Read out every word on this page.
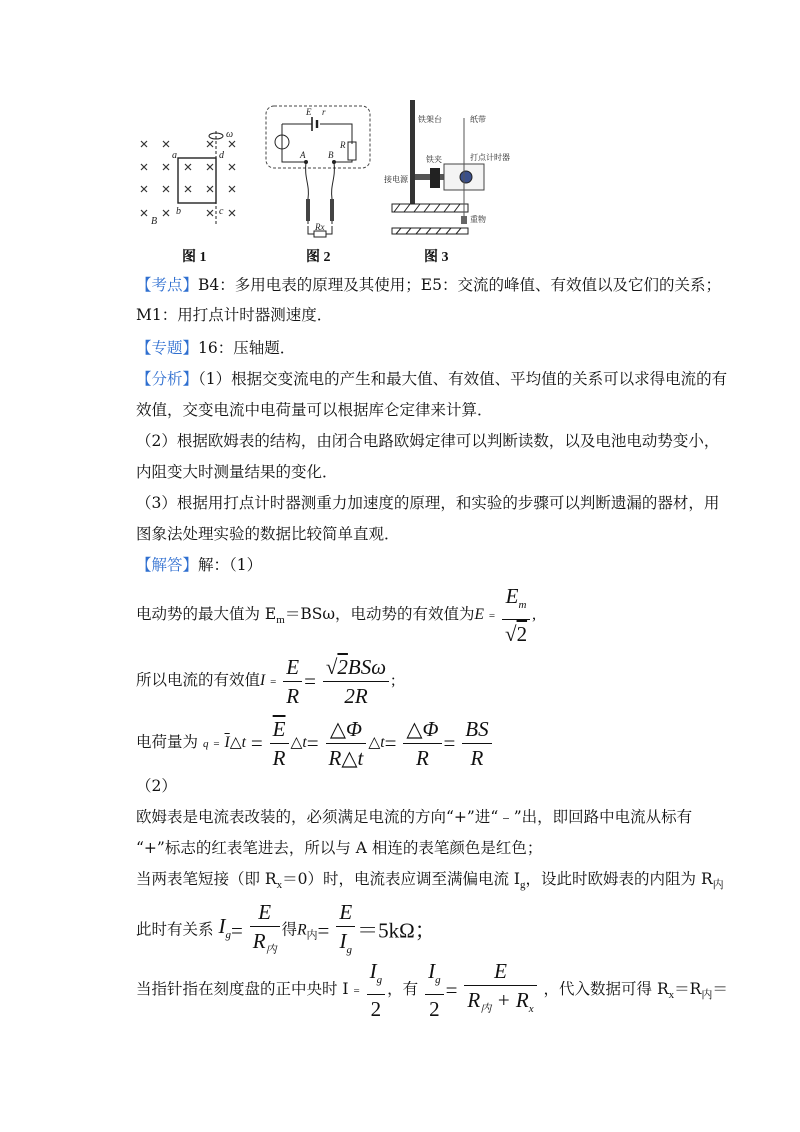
ω
a	d
b	c
B
图 1
E r
R
A	B
Rx
图 2
铁架台	纸带
铁夹	打点计时器
接电源
重物
图 3
【考点】B4：多用电表的原理及其使用；E5：交流的峰值、有效值以及它们的关系；
M1：用打点计时器测速度．
【专题】16：压轴题．
【分析】（1）根据交变流电的产生和最大值、有效值、平均值的关系可以求得电流的有
效值，交变电流中电荷量可以根据库仑定律来计算．
（2）根据欧姆表的结构，由闭合电路欧姆定律可以判断读数，以及电池电动势变小，
内阻变大时测量结果的变化．
（3）根据用打点计时器测重力加速度的原理，和实验的步骤可以判断遗漏的器材，用
图象法处理实验的数据比较简单直观．
【解答】解：（1）
电动势的最大值为 $E_m=BS\omega$，电动势的有效值为$E = \frac{E_m}{√2}$ ,
所以电流的有效值$I = \frac{E}{R} = \frac{\text{√2BSω}}{2R}$ ;
电荷量为 $q = \overline{I}\triangle t = \frac{\overline{E}}{R}$ △t= $\frac{\triangle\Phi}{R\triangle t}$ △t= $\frac{\triangle\Phi}{R} = \frac{BS}{R}$
（2）
欧姆表是电流表改装的，必须满足电流的方向“+”进“﹣”出，即回路中电流从标有
“+”标志的红表笔进去，所以与 A 相连的表笔颜色是红色；
当两表笔短接（即 $R_x=0$）时，电流表应调至满偏电流 $I_g$，设此时欧姆表的内阻为 $R_内$
此时有关系 $I_g= \frac{E}{R_内}$ 得$R_内= \frac{E}{I_g} =5k\Omega$；
当指针指在刻度盘的正中央时 $I = \frac{I_g}{2}$ ，有 $\frac{I_g}{2} = \frac{E}{R_内 + R_x}$ ，代入数据可得 $R_x=R_内=$
